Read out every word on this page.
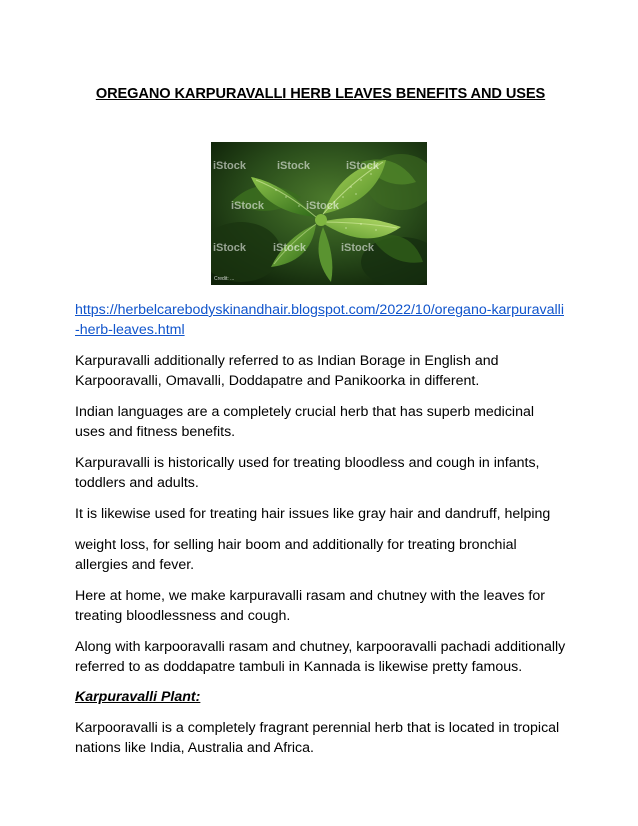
OREGANO KARPURAVALLI HERB LEAVES BENEFITS AND USES
iStock	iStock	iStock
iStock	iStock
iStock iStock	iStock
Credit: ...
https://herbelcarebodyskinandhair.blogspot.com/2022/10/oregano-karpuravalli-herb-leaves.html

Karpuravalli additionally referred to as Indian Borage in English and Karpooravalli, Omavalli, Doddapatre and Panikoorka in different.

Indian languages are a completely crucial herb that has superb medicinal uses and fitness benefits.

Karpuravalli is historically used for treating bloodless and cough in infants, toddlers and adults.

It is likewise used for treating hair issues like gray hair and dandruff, helping

weight loss, for selling hair boom and additionally for treating bronchial allergies and fever.

Here at home, we make karpuravalli rasam and chutney with the leaves for treating bloodlessness and cough.

Along with karpooravalli rasam and chutney, karpooravalli pachadi additionally referred to as doddapatre tambuli in Kannada is likewise pretty famous.

Karpuravalli Plant:

Karpooravalli is a completely fragrant perennial herb that is located in tropical nations like India, Australia and Africa.
